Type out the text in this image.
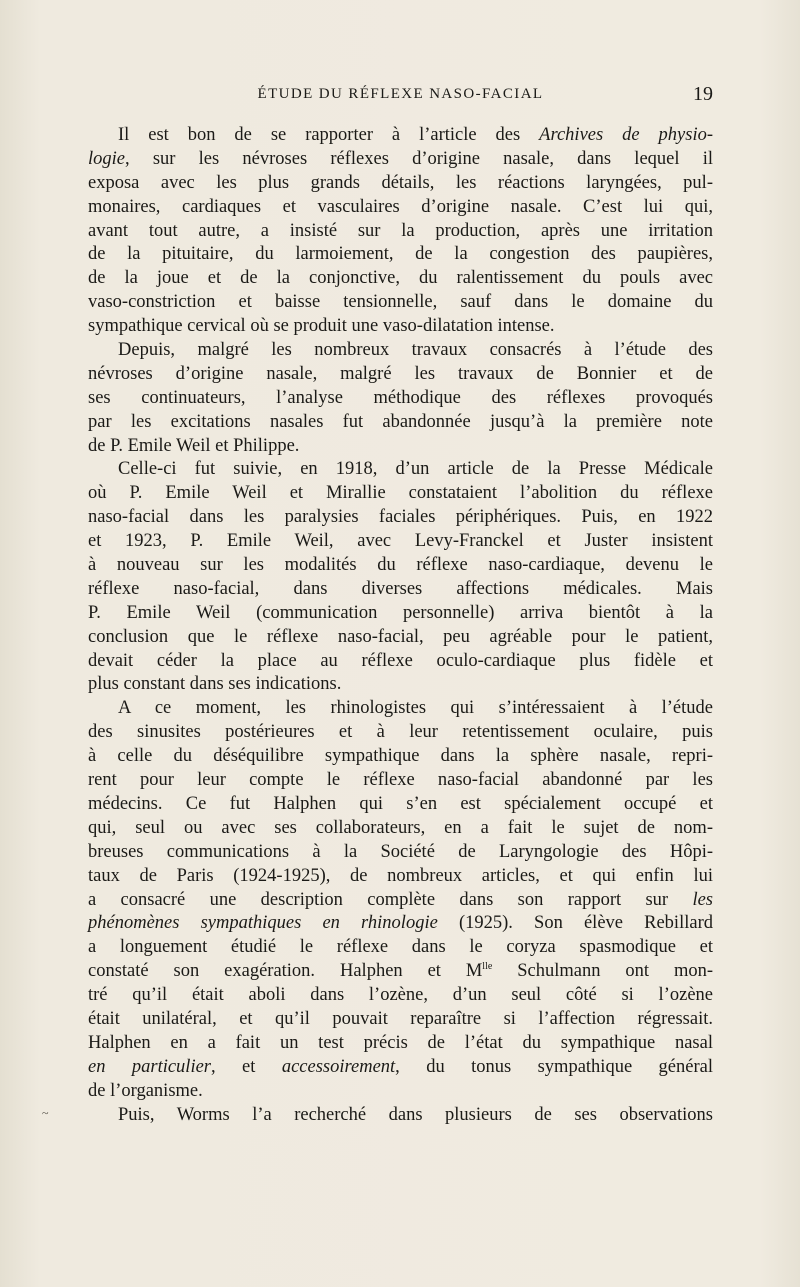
ÉTUDE DU RÉFLEXE NASO-FACIAL	19
~
Il est bon de se rapporter à l’article des Archives de physio-
logie, sur les névroses réflexes d’origine nasale, dans lequel il
exposa avec les plus grands détails, les réactions laryngées, pul-
monaires, cardiaques et vasculaires d’origine nasale. C’est lui qui,
avant tout autre, a insisté sur la production, après une irritation
de la pituitaire, du larmoiement, de la congestion des paupières,
de la joue et de la conjonctive, du ralentissement du pouls avec
vaso-constriction et baisse tensionnelle, sauf dans le domaine du
sympathique cervical où se produit une vaso-dilatation intense.
Depuis, malgré les nombreux travaux consacrés à l’étude des
névroses d’origine nasale, malgré les travaux de Bonnier et de
ses continuateurs, l’analyse méthodique des réflexes provoqués
par les excitations nasales fut abandonnée jusqu’à la première note
de P. Emile Weil et Philippe.
Celle-ci fut suivie, en 1918, d’un article de la Presse Médicale
où P. Emile Weil et Mirallie constataient l’abolition du réflexe
naso-facial dans les paralysies faciales périphériques. Puis, en 1922
et 1923, P. Emile Weil, avec Levy-Franckel et Juster insistent
à nouveau sur les modalités du réflexe naso-cardiaque, devenu le
réflexe naso-facial, dans diverses affections médicales. Mais
P. Emile Weil (communication personnelle) arriva bientôt à la
conclusion que le réflexe naso-facial, peu agréable pour le patient,
devait céder la place au réflexe oculo-cardiaque plus fidèle et
plus constant dans ses indications.
A ce moment, les rhinologistes qui s’intéressaient à l’étude
des sinusites postérieures et à leur retentissement oculaire, puis
à celle du déséquilibre sympathique dans la sphère nasale, repri-
rent pour leur compte le réflexe naso-facial abandonné par les
médecins. Ce fut Halphen qui s’en est spécialement occupé et
qui, seul ou avec ses collaborateurs, en a fait le sujet de nom-
breuses communications à la Société de Laryngologie des Hôpi-
taux de Paris (1924-1925), de nombreux articles, et qui enfin lui
a consacré une description complète dans son rapport sur les
phénomènes sympathiques en rhinologie (1925). Son élève Rebillard
a longuement étudié le réflexe dans le coryza spasmodique et
constaté son exagération. Halphen et $M^{lle}$ Schulmann ont mon-
tré qu’il était aboli dans l’ozène, d’un seul côté si l’ozène
était unilatéral, et qu’il pouvait reparaître si l’affection régressait.
Halphen en a fait un test précis de l’état du sympathique nasal
en particulier, et accessoirement, du tonus sympathique général
de l’organisme.
Puis, Worms l’a recherché dans plusieurs de ses observations
